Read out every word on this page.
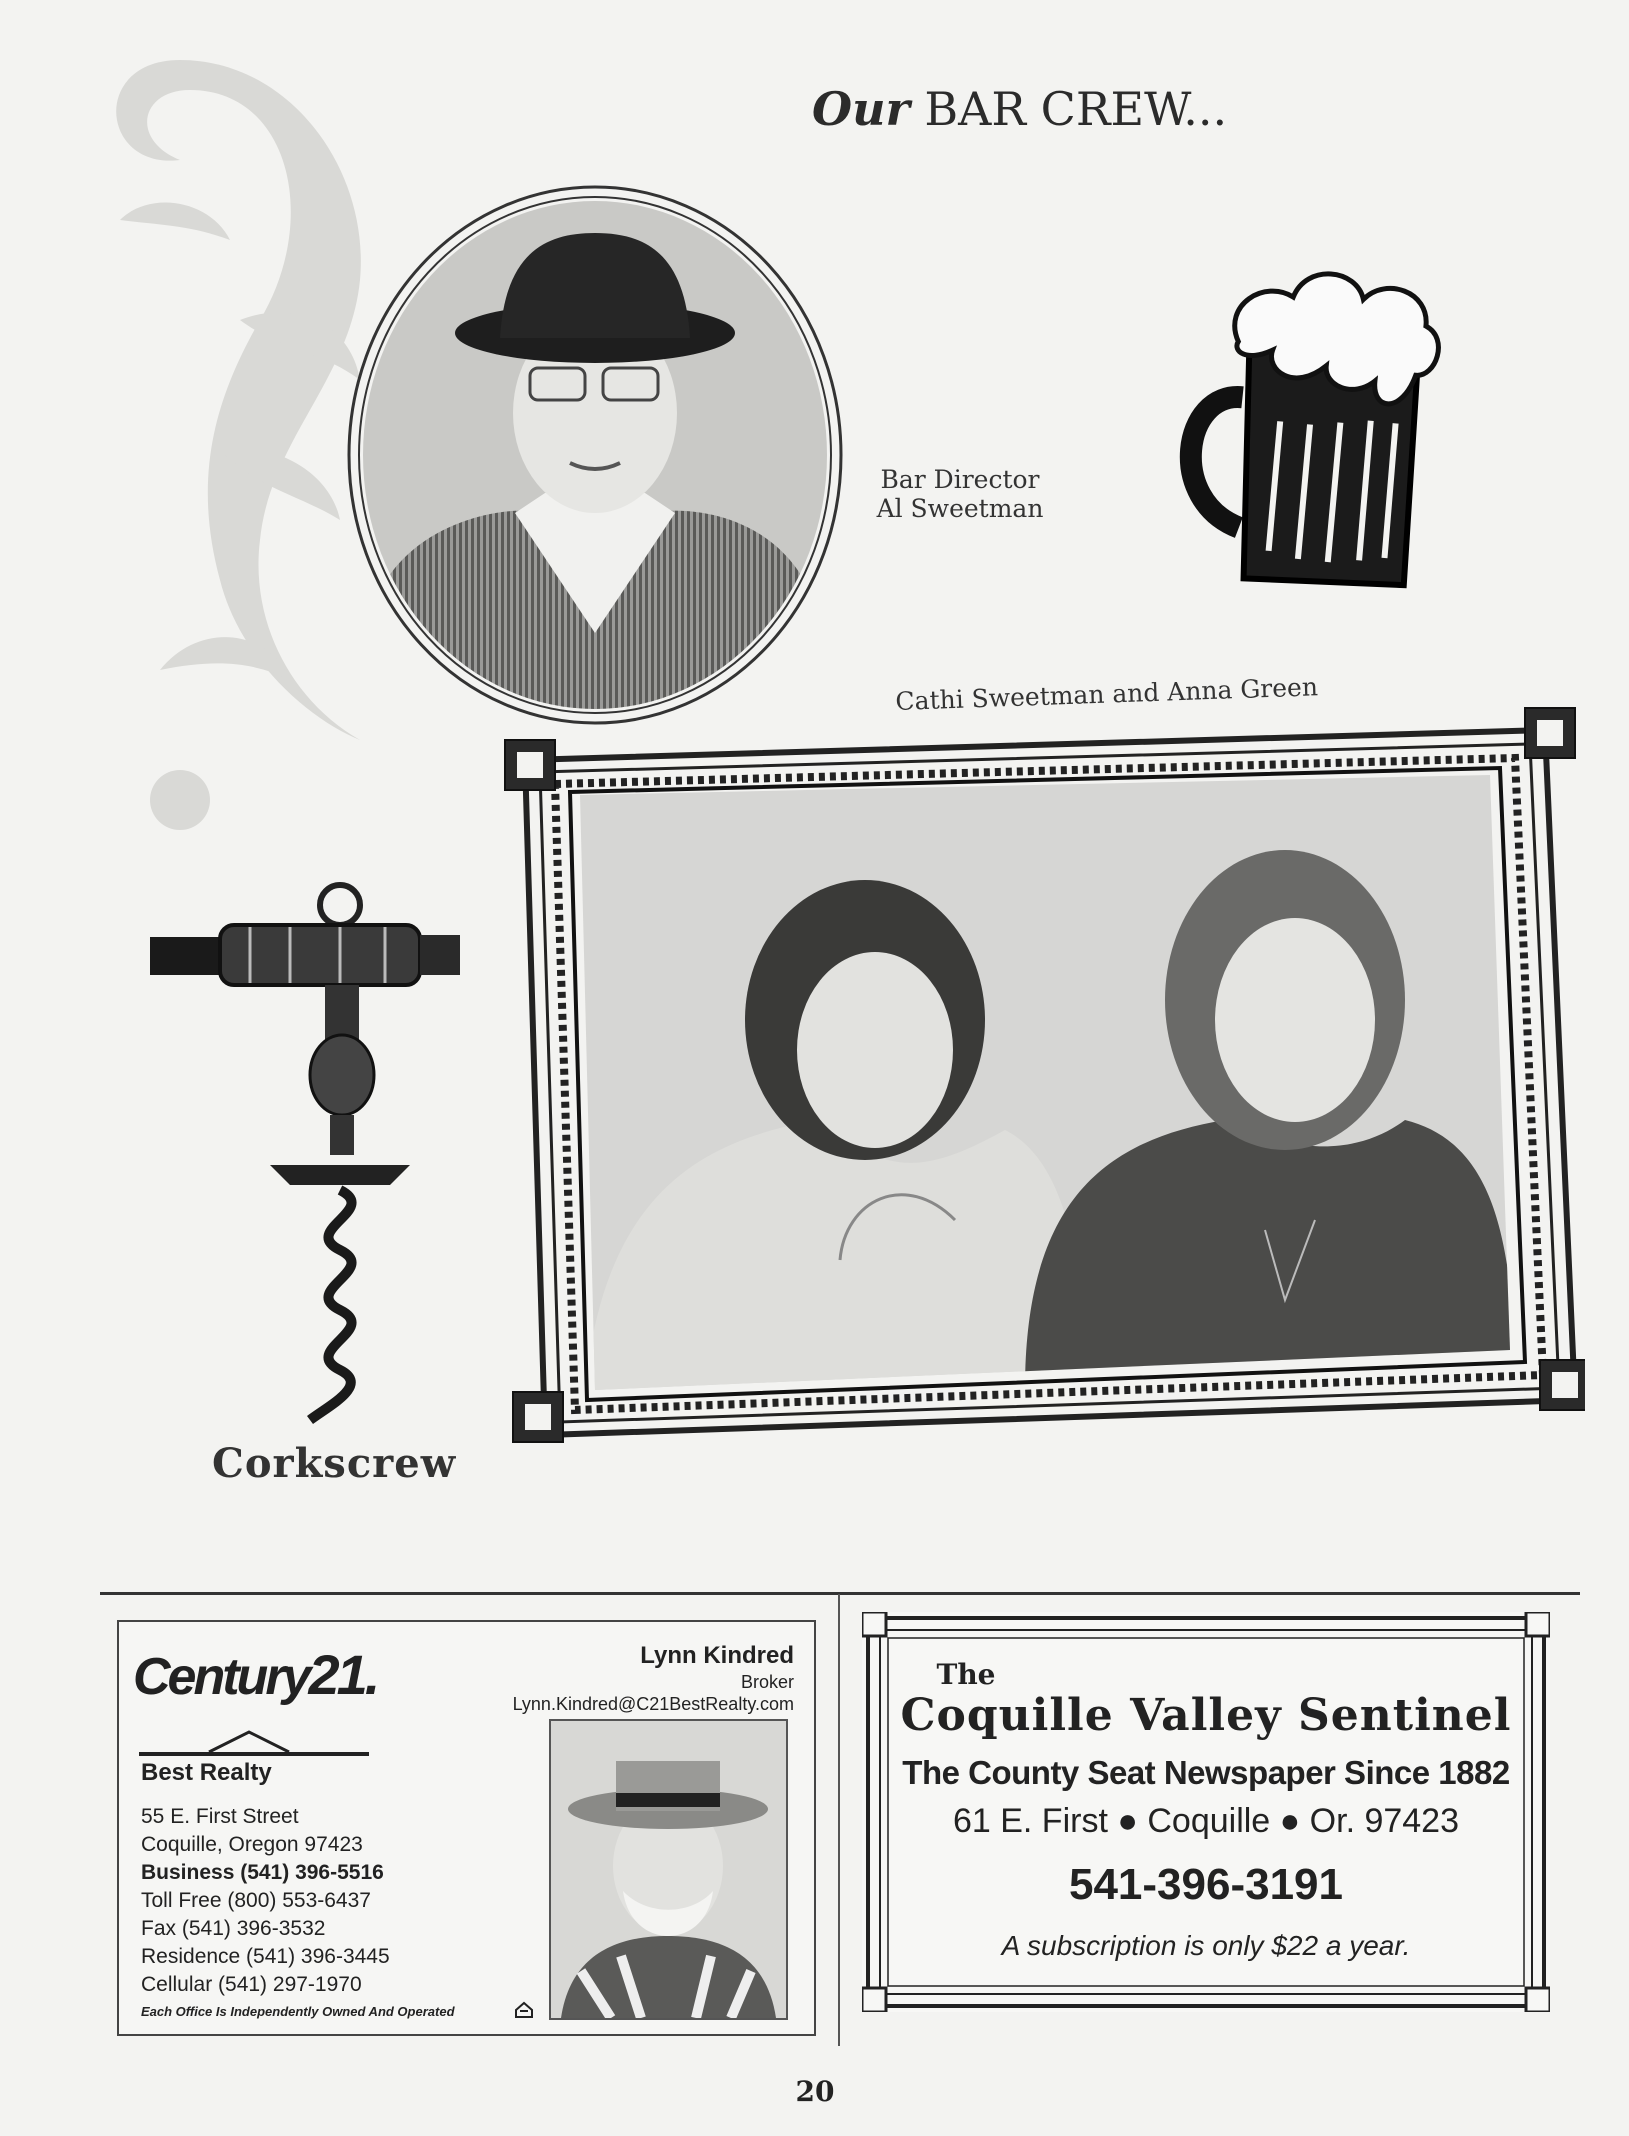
Our BAR CREW...
Bar Director
Al Sweetman
Cathi Sweetman and Anna Green
Corkscrew
Century21.
Best Realty
Lynn Kindred
Broker
Lynn.Kindred@C21BestRealty.com
55 E. First Street
Coquille, Oregon 97423
Business (541) 396-5516
Toll Free (800) 553-6437
Fax (541) 396-3532
Residence (541) 396-3445
Cellular (541) 297-1970
Each Office Is Independently Owned And Operated
The
Coquille Valley Sentinel
The County Seat Newspaper Since 1882
61 E. First ● Coquille ● Or. 97423
541-396-3191
A subscription is only $22 a year.
20
